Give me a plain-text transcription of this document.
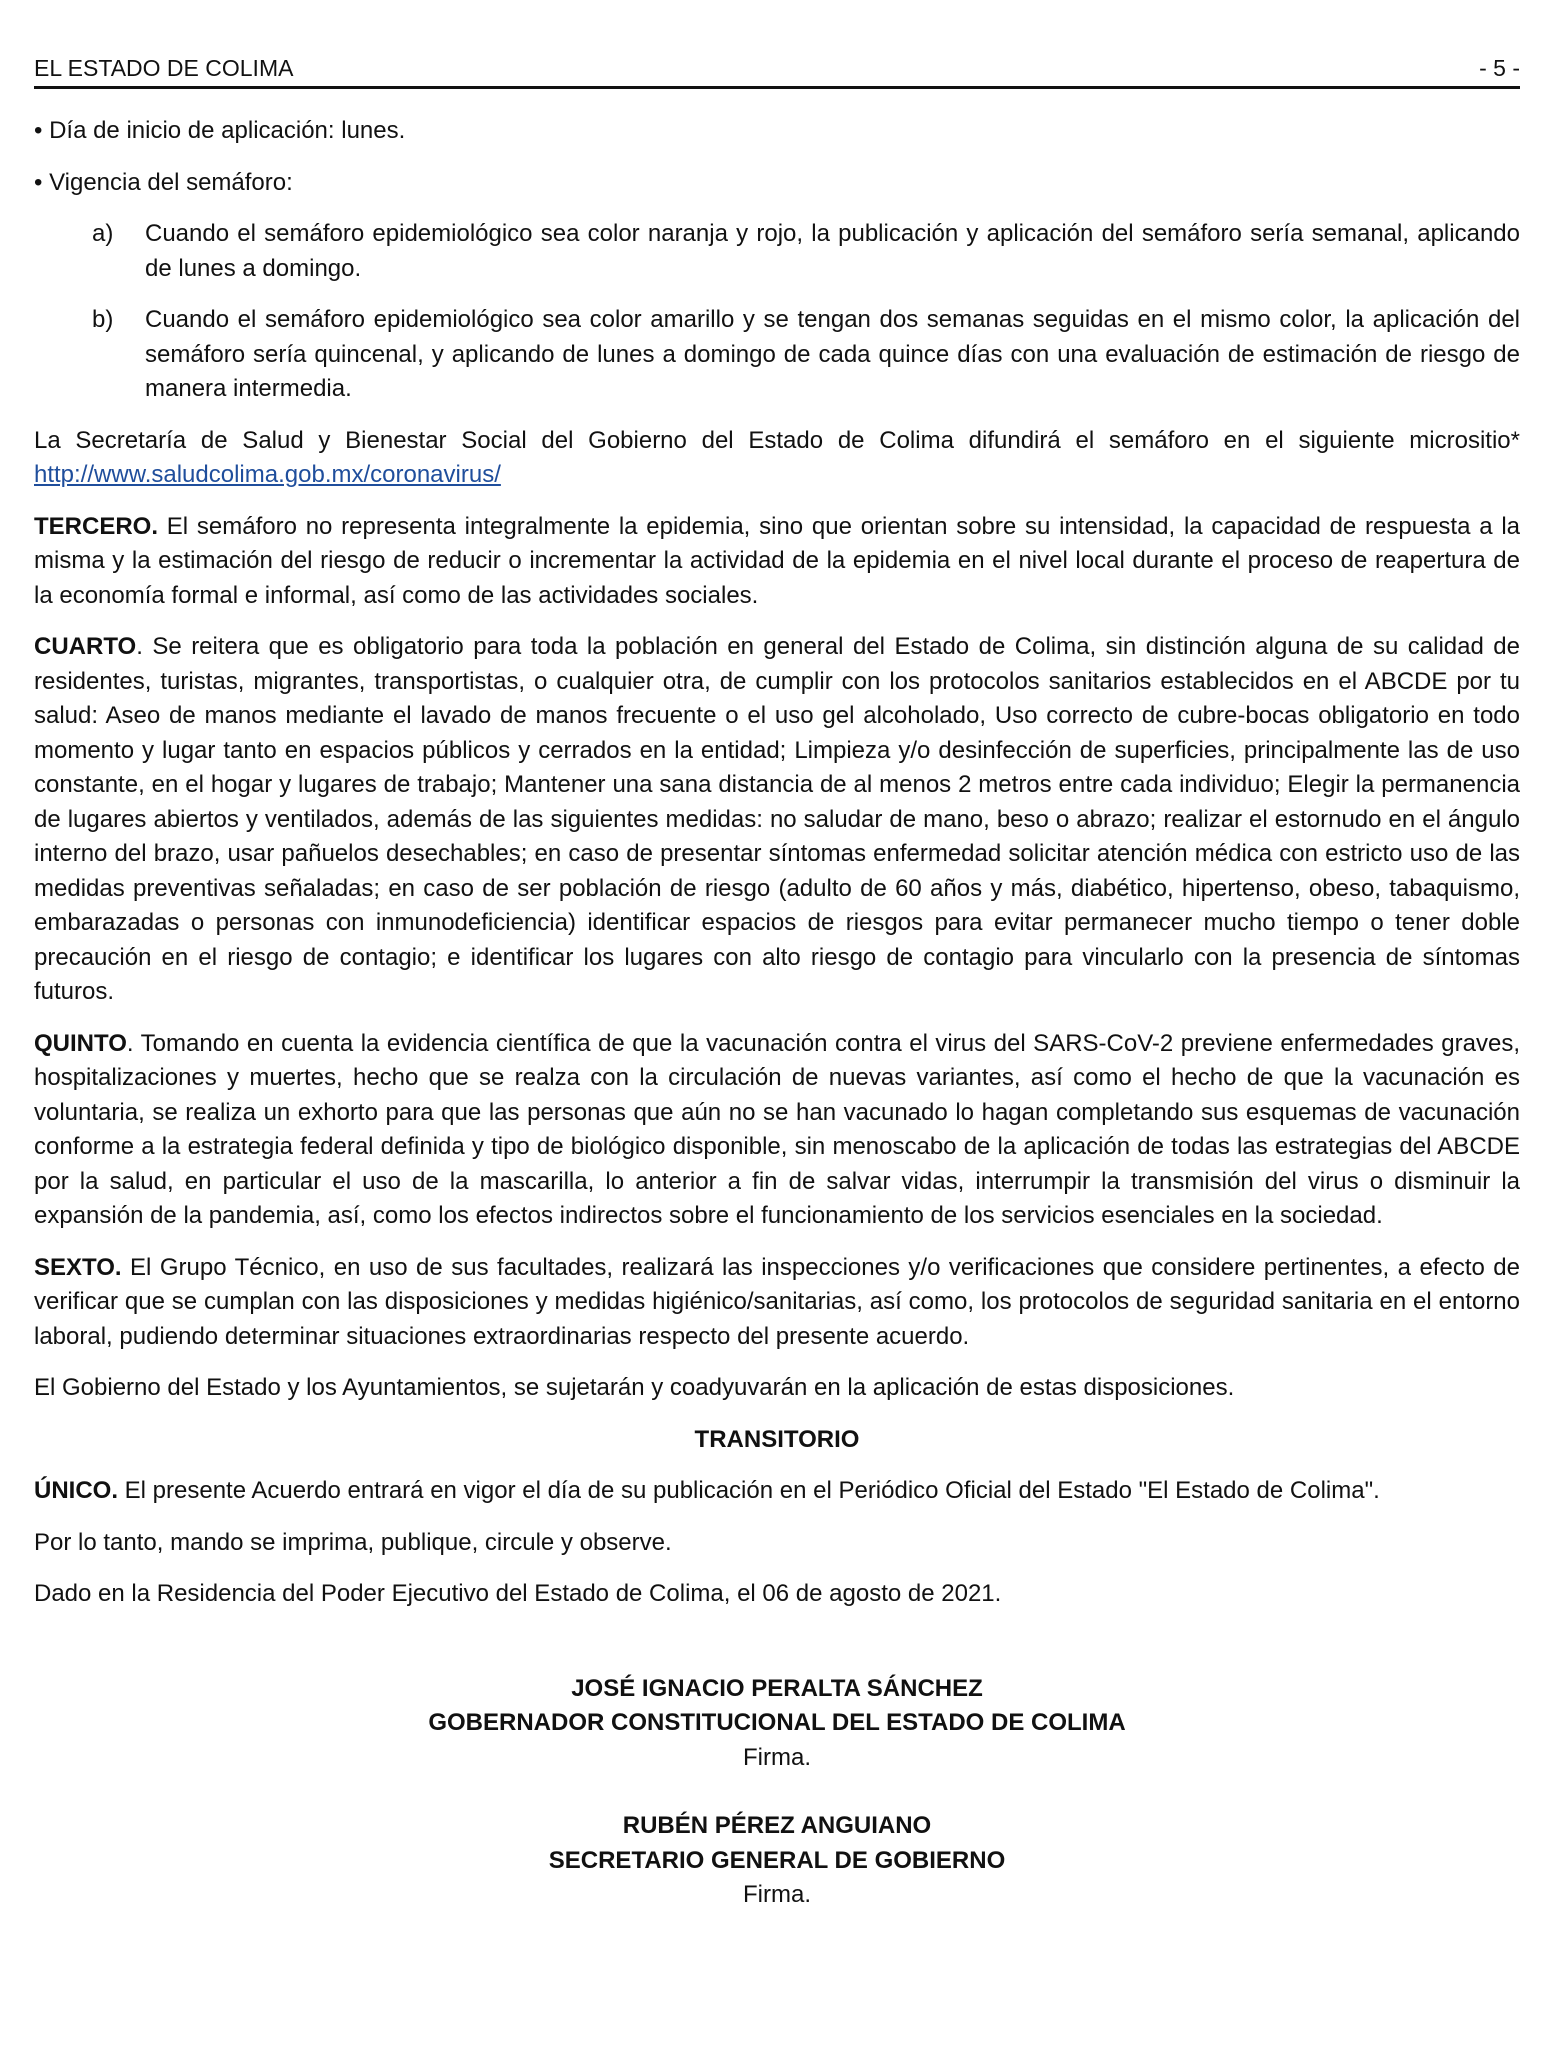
EL ESTADO DE COLIMA	- 5 -

• Día de inicio de aplicación: lunes.

• Vigencia del semáforo:

a)	Cuando el semáforo epidemiológico sea color naranja y rojo, la publicación y aplicación del semáforo sería semanal, aplicando de lunes a domingo.
b)	Cuando el semáforo epidemiológico sea color amarillo y se tengan dos semanas seguidas en el mismo color, la aplicación del semáforo sería quincenal, y aplicando de lunes a domingo de cada quince días con una evaluación de estimación de riesgo de manera intermedia.

La Secretaría de Salud y Bienestar Social del Gobierno del Estado de Colima difundirá el semáforo en el siguiente micrositio* http://www.saludcolima.gob.mx/coronavirus/

TERCERO. El semáforo no representa integralmente la epidemia, sino que orientan sobre su intensidad, la capacidad de respuesta a la misma y la estimación del riesgo de reducir o incrementar la actividad de la epidemia en el nivel local durante el proceso de reapertura de la economía formal e informal, así como de las actividades sociales.

CUARTO. Se reitera que es obligatorio para toda la población en general del Estado de Colima, sin distinción alguna de su calidad de residentes, turistas, migrantes, transportistas, o cualquier otra, de cumplir con los protocolos sanitarios establecidos en el ABCDE por tu salud: Aseo de manos mediante el lavado de manos frecuente o el uso gel alcoholado, Uso correcto de cubre-bocas obligatorio en todo momento y lugar tanto en espacios públicos y cerrados en la entidad; Limpieza y/o desinfección de superficies, principalmente las de uso constante, en el hogar y lugares de trabajo; Mantener una sana distancia de al menos 2 metros entre cada individuo; Elegir la permanencia de lugares abiertos y ventilados, además de las siguientes medidas: no saludar de mano, beso o abrazo; realizar el estornudo en el ángulo interno del brazo, usar pañuelos desechables; en caso de presentar síntomas enfermedad solicitar atención médica con estricto uso de las medidas preventivas señaladas; en caso de ser población de riesgo (adulto de 60 años y más, diabético, hipertenso, obeso, tabaquismo, embarazadas o personas con inmunodeficiencia) identificar espacios de riesgos para evitar permanecer mucho tiempo o tener doble precaución en el riesgo de contagio; e identificar los lugares con alto riesgo de contagio para vincularlo con la presencia de síntomas futuros.

QUINTO. Tomando en cuenta la evidencia científica de que la vacunación contra el virus del SARS-CoV-2 previene enfermedades graves, hospitalizaciones y muertes, hecho que se realza con la circulación de nuevas variantes, así como el hecho de que la vacunación es voluntaria, se realiza un exhorto para que las personas que aún no se han vacunado lo hagan completando sus esquemas de vacunación conforme a la estrategia federal definida y tipo de biológico disponible, sin menoscabo de la aplicación de todas las estrategias del ABCDE por la salud, en particular el uso de la mascarilla, lo anterior a fin de salvar vidas, interrumpir la transmisión del virus o disminuir la expansión de la pandemia, así, como los efectos indirectos sobre el funcionamiento de los servicios esenciales en la sociedad.

SEXTO. El Grupo Técnico, en uso de sus facultades, realizará las inspecciones y/o verificaciones que considere pertinentes, a efecto de verificar que se cumplan con las disposiciones y medidas higiénico/sanitarias, así como, los protocolos de seguridad sanitaria en el entorno laboral, pudiendo determinar situaciones extraordinarias respecto del presente acuerdo.

El Gobierno del Estado y los Ayuntamientos, se sujetarán y coadyuvarán en la aplicación de estas disposiciones.

TRANSITORIO

ÚNICO. El presente Acuerdo entrará en vigor el día de su publicación en el Periódico Oficial del Estado "El Estado de Colima".

Por lo tanto, mando se imprima, publique, circule y observe.

Dado en la Residencia del Poder Ejecutivo del Estado de Colima, el 06 de agosto de 2021.

JOSÉ IGNACIO PERALTA SÁNCHEZ
GOBERNADOR CONSTITUCIONAL DEL ESTADO DE COLIMA
Firma.
RUBÉN PÉREZ ANGUIANO
SECRETARIO GENERAL DE GOBIERNO
Firma.
